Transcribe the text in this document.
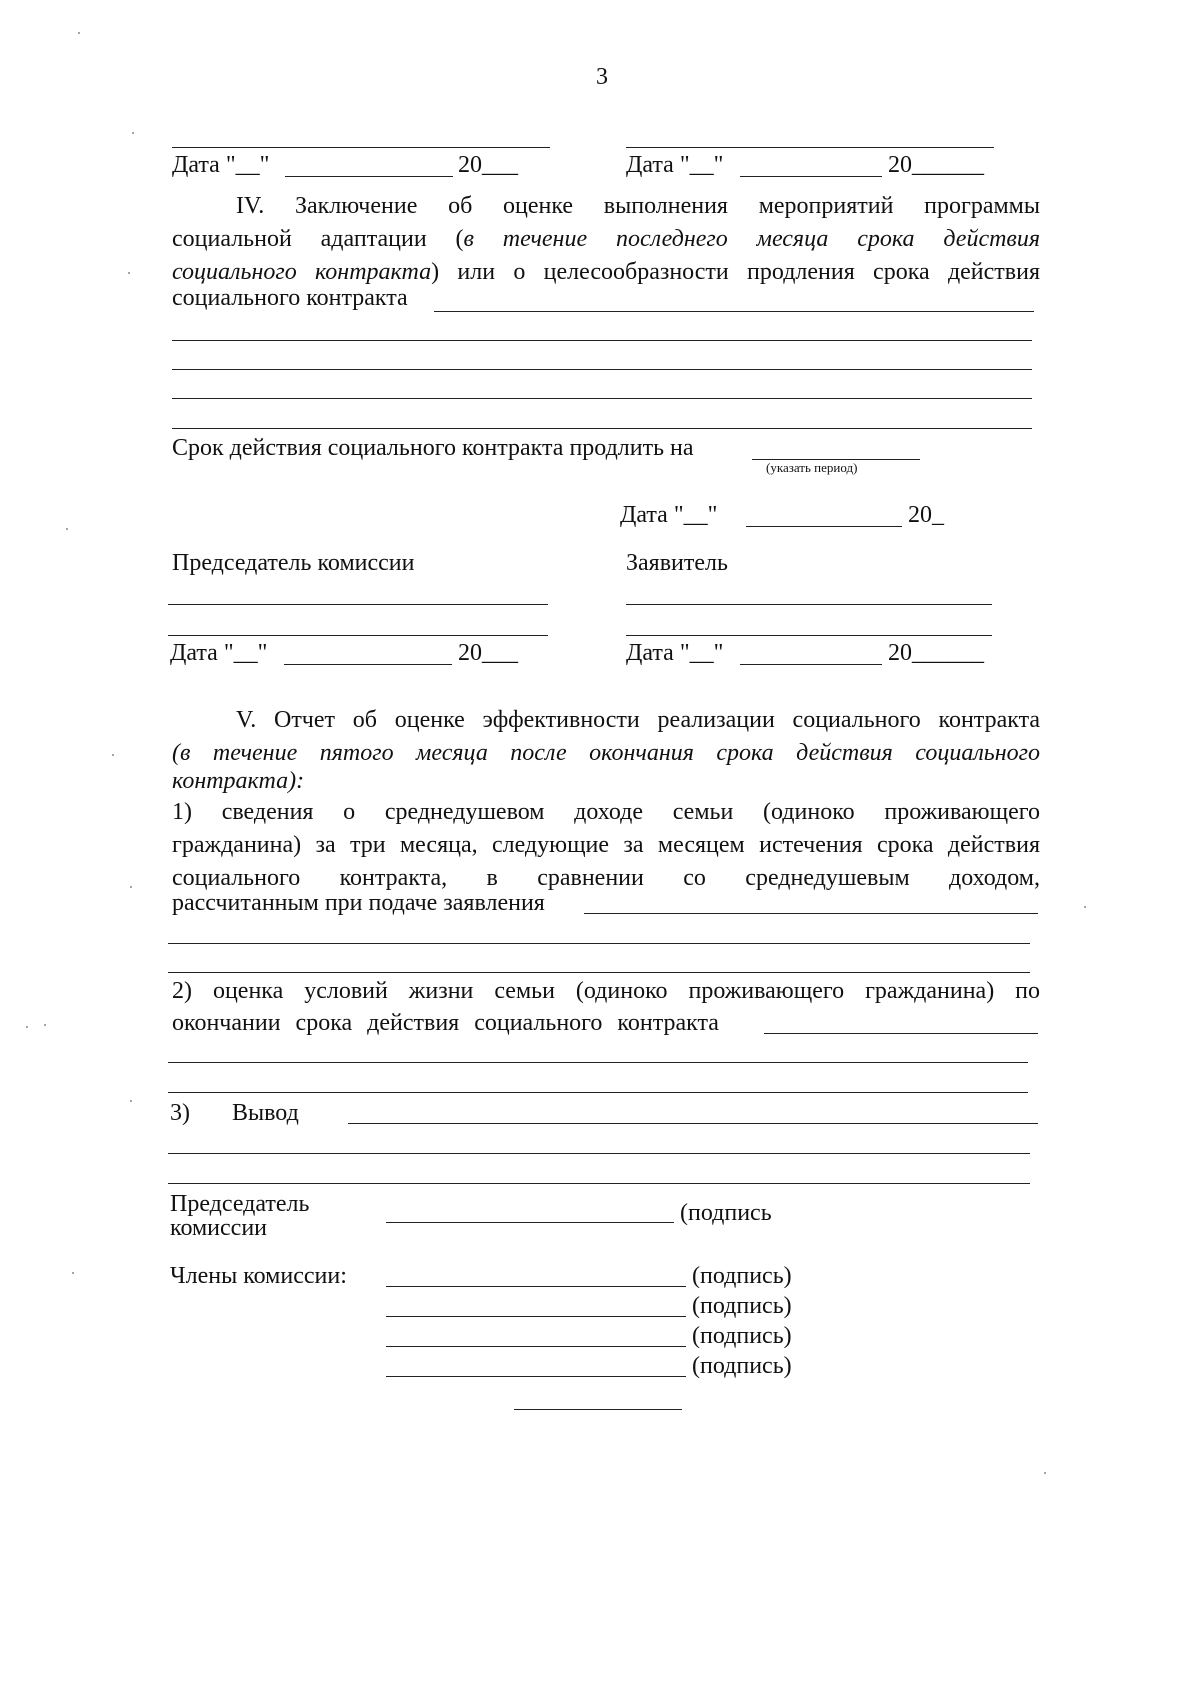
3
Дата "__"	20___	Дата "__"	20______
IV. Заключение об оценке выполнения мероприятий программы
социальной адаптации (в течение последнего месяца срока действия
социального контракта) или о целесообразности продления срока действия
социального контракта
Срок действия социального контракта продлить на
(указать период)
Дата "__"	20_
Председатель комиссии	Заявитель
Дата "__"	20___	Дата "__"	20______
V. Отчет об оценке эффективности реализации социального контракта
(в течение пятого месяца после окончания срока действия социального
контракта):
1) сведения о среднедушевом доходе семьи (одиноко проживающего
гражданина) за три месяца, следующие за месяцем истечения срока действия
социального контракта, в сравнении со среднедушевым доходом,
рассчитанным при подаче заявления
2) оценка условий жизни семьи (одиноко проживающего гражданина) по
окончании срока действия социального контракта
3) Вывод
Председатель
комиссии
(подпись
Члены комиссии:	(подпись)
(подпись)
(подпись)
(подпись)
